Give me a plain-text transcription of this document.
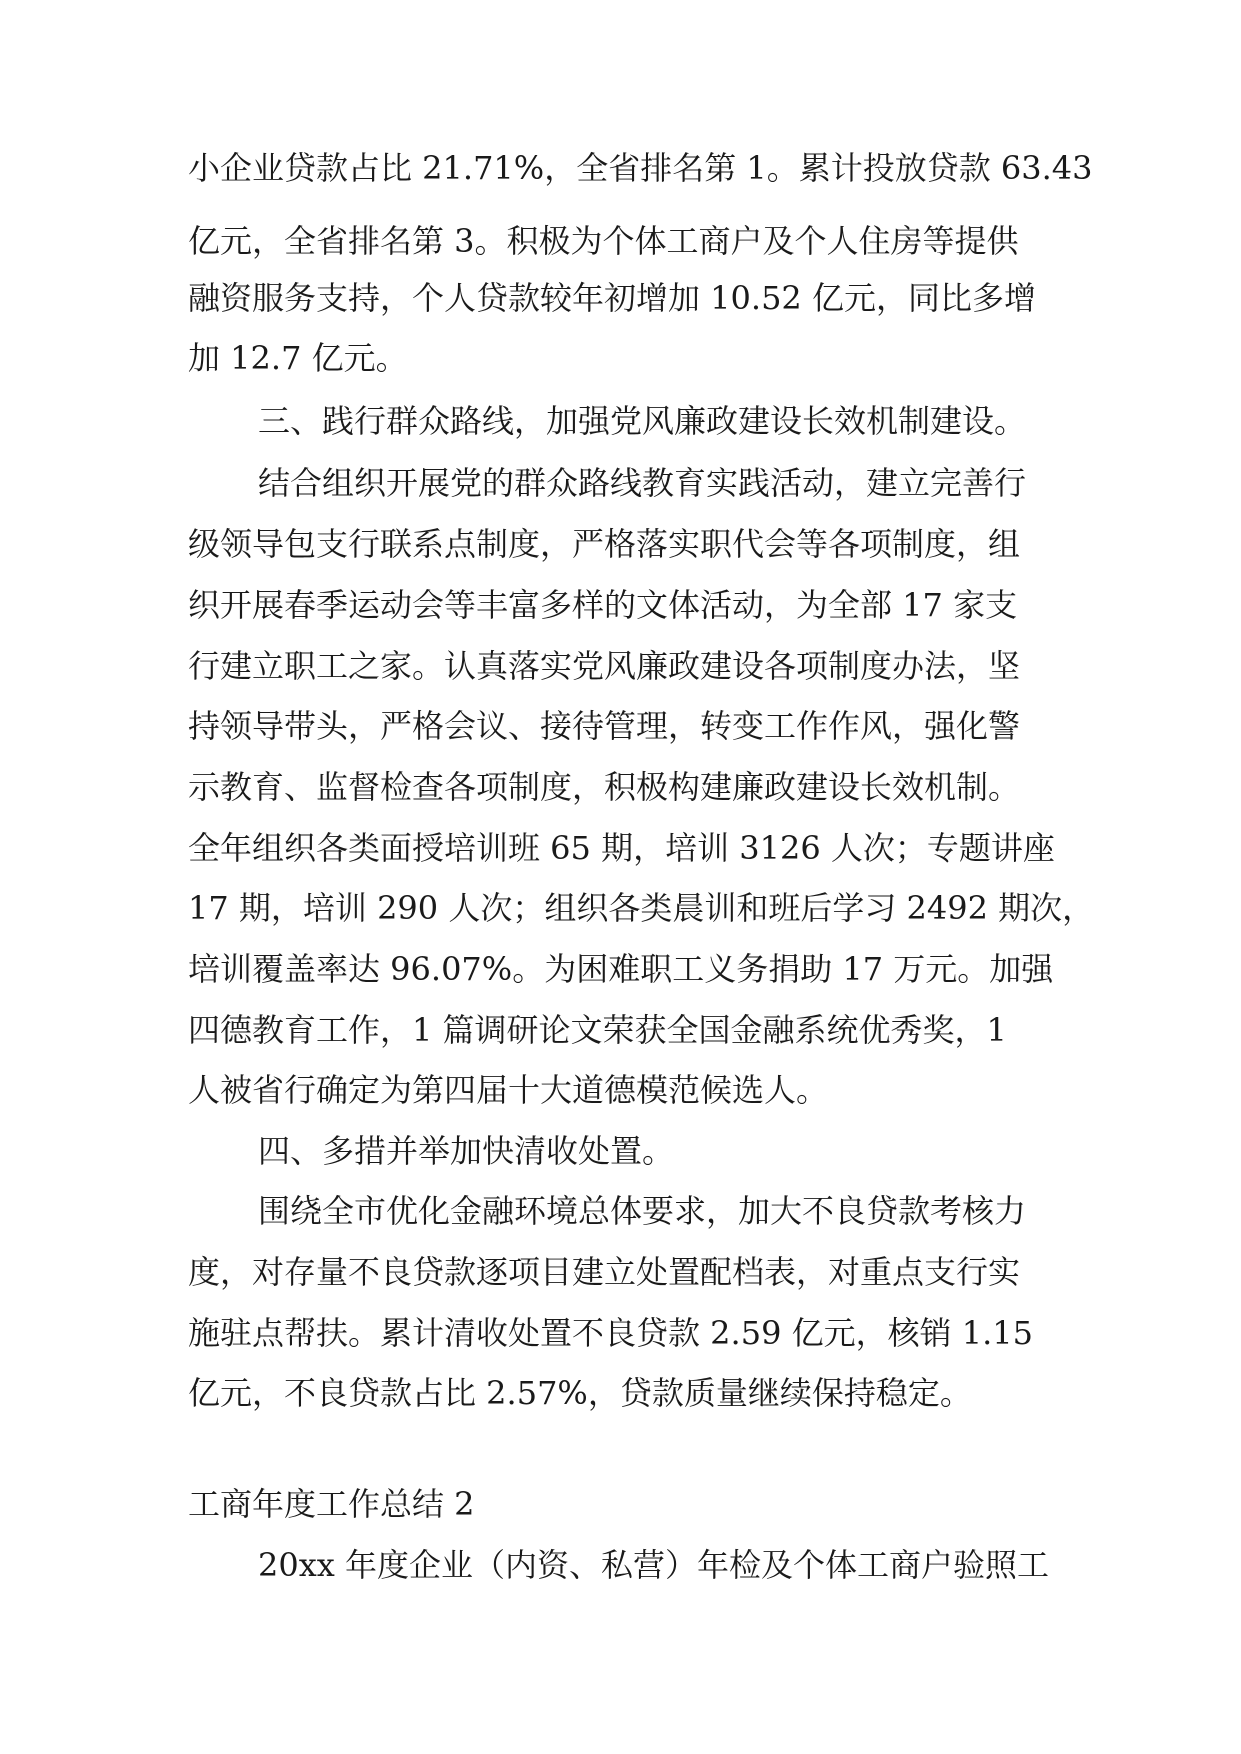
小企业贷款占比 21.71%，全省排名第 1。累计投放贷款 63.43
亿元，全省排名第 3。积极为个体工商户及个人住房等提供
融资服务支持，个人贷款较年初增加 10.52 亿元，同比多增
加 12.7 亿元。
三、践行群众路线，加强党风廉政建设长效机制建设。
结合组织开展党的群众路线教育实践活动，建立完善行
级领导包支行联系点制度，严格落实职代会等各项制度，组
织开展春季运动会等丰富多样的文体活动，为全部 17 家支
行建立职工之家。认真落实党风廉政建设各项制度办法，坚
持领导带头，严格会议、接待管理，转变工作作风，强化警
示教育、监督检查各项制度，积极构建廉政建设长效机制。
全年组织各类面授培训班 65 期，培训 3126 人次；专题讲座
17 期，培训 290 人次；组织各类晨训和班后学习 2492 期次，
培训覆盖率达 96.07%。为困难职工义务捐助 17 万元。加强
四德教育工作，1 篇调研论文荣获全国金融系统优秀奖，1
人被省行确定为第四届十大道德模范候选人。
四、多措并举加快清收处置。
围绕全市优化金融环境总体要求，加大不良贷款考核力
度，对存量不良贷款逐项目建立处置配档表，对重点支行实
施驻点帮扶。累计清收处置不良贷款 2.59 亿元，核销 1.15
亿元，不良贷款占比 2.57%，贷款质量继续保持稳定。
工商年度工作总结 2
20xx 年度企业（内资、私营）年检及个体工商户验照工
